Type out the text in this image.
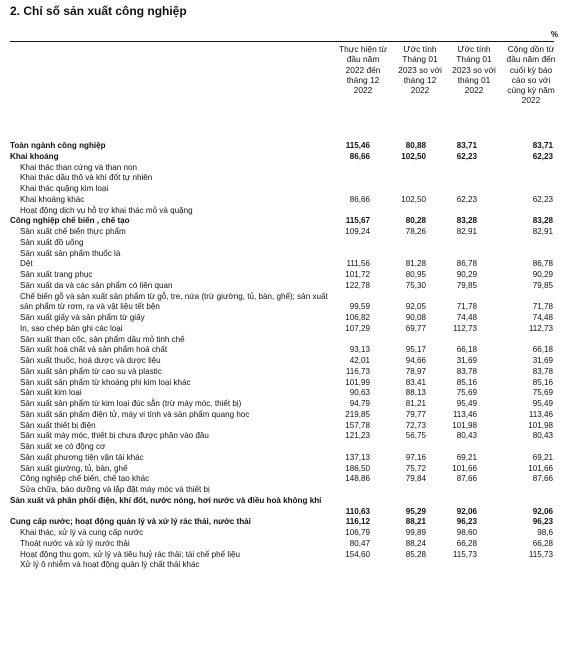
2. Chỉ số sản xuất công nghiệp
%
Thực hiện từ đầu năm 2022 đến tháng 12 2022
Ước tính Tháng 01 2023 so với tháng 12 2022
Ước tính Tháng 01 2023 so với tháng 01 2022
Cộng dồn từ đầu năm đến cuối kỳ báo cáo so với cùng kỳ năm 2022
Toàn ngành công nghiệp	115,46	80,88	83,71	83,71
Khai khoáng	86,66	102,50	62,23	62,23
Khai thác than cứng và than non
Khai thác dầu thô và khí đốt tự nhiên
Khai thác quặng kim loại
Khai khoáng khác	86,66	102,50	62,23	62,23
Hoạt động dịch vụ hỗ trợ khai thác mỏ và quặng
Công nghiệp chế biến , chế tạo	115,67	80,28	83,28	83,28
Sản xuất chế biến thực phẩm	109,24	78,26	82,91	82,91
Sản xuất đồ uống
Sản xuất sản phẩm thuốc lá
Dệt	111,56	81,28	86,78	86,78
Sản xuất trang phục	101,72	80,95	90,29	90,29
Sản xuất da và các sản phẩm có liên quan	122,78	75,30	79,85	79,85
Chế biến gỗ và sản xuất sản phẩm từ gỗ, tre, nứa (trừ giường, tủ, bàn, ghế); sản xuất sản phẩm từ rơm, rạ và vật liệu tết bện	99,59	92,05	71,78	71,78
Sản xuất giấy và sản phẩm từ giấy	106,82	90,08	74,48	74,48
In, sao chép bản ghi các loại	107,29	69,77	112,73	112,73
Sản xuất than cốc, sản phẩm dầu mỏ tinh chế
Sản xuất hoá chất và sản phẩm hoá chất	93,13	95,17	66,18	66,18
Sản xuất thuốc, hoá dược và dược liệu	42,01	94,66	31,69	31,69
Sản xuất sản phẩm từ cao su và plastic	116,73	78,97	83,78	83,78
Sản xuất sản phẩm từ khoáng phi kim loại khác	101,99	83,41	85,16	85,16
Sản xuất kim loại	90,63	88,13	75,69	75,69
Sản xuất sản phẩm từ kim loại đúc sẵn (trừ máy móc, thiết bị)	94,79	81,21	95,49	95,49
Sản xuất sản phẩm điện tử, máy vi tính và sản phẩm quang học	219,85	79,77	113,46	113,46
Sản xuất thiết bị điện	157,78	72,73	101,98	101,98
Sản xuất máy móc, thiết bị chưa được phân vào đâu	121,23	56,75	80,43	80,43
Sản xuất xe có động cơ
Sản xuất phương tiện vận tải khác	137,13	97,16	69,21	69,21
Sản xuất giường, tủ, bàn, ghế	186,50	75,72	101,66	101,66
Công nghiệp chế biến, chế tạo khác	148,86	79,84	87,66	87,66
Sửa chữa, bảo dưỡng và lắp đặt máy móc và thiết bị
Sản xuất và phân phối điện, khí đốt, nước nóng, hơi nước và điều hoà không khí
110,63	95,29	92,06	92,06
Cung cấp nước; hoạt động quản lý và xử lý rác thải, nước thải	116,12	88,21	96,23	96,23
Khai thác, xử lý và cung cấp nước	106,79	99,89	98,60	98,6
Thoát nước và xử lý nước thải	80,47	88,24	66,28	66,28
Hoạt động thu gom, xử lý và tiêu huỷ rác thải; tái chế phế liệu	154,60	85,28	115,73	115,73
Xử lý ô nhiễm và hoạt động quản lý chất thải khác
